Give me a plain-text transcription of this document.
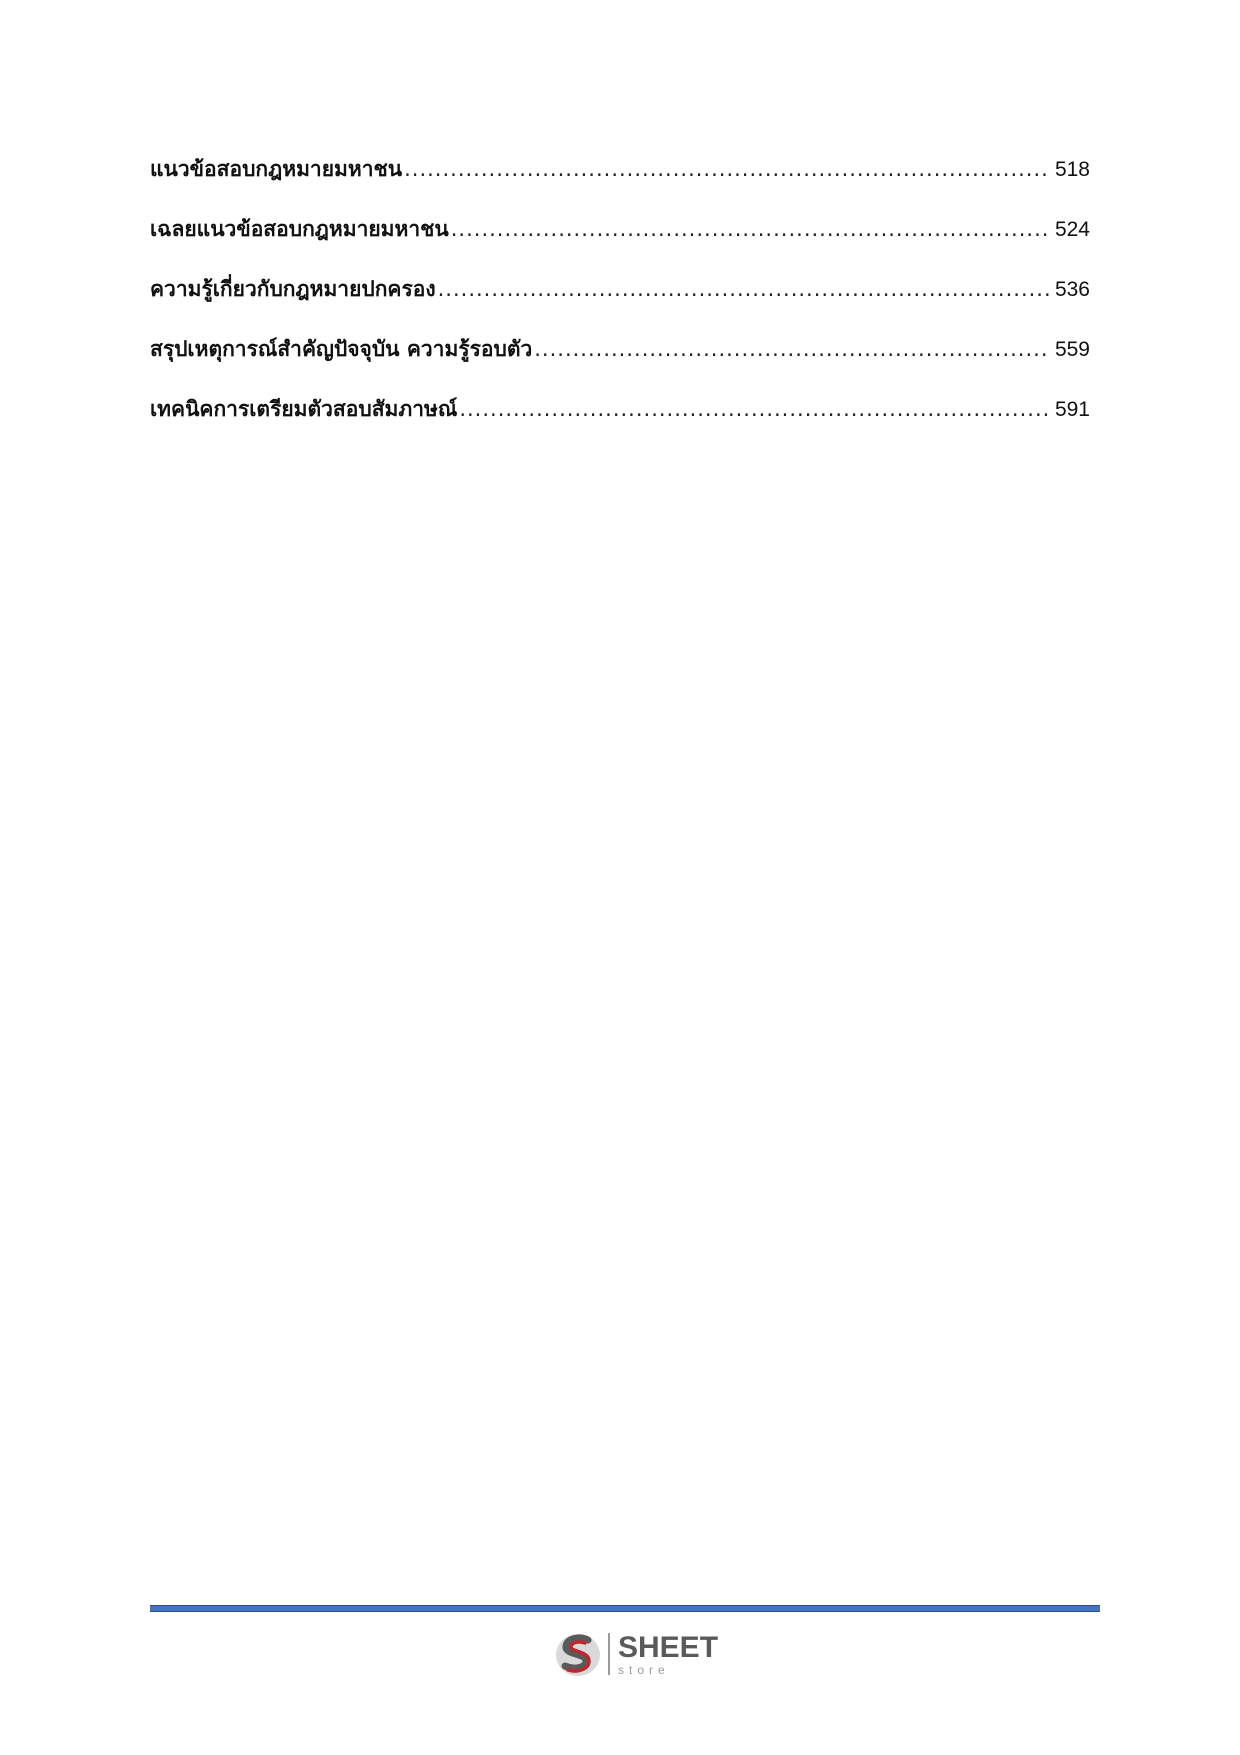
แนวข้อสอบกฎหมายมหาชน .....	518
เฉลยแนวข้อสอบกฎหมายมหาชน .....	524
ความรู้เกี่ยวกับกฎหมายปกครอง .....	536
สรุปเหตุการณ์สำคัญปัจจุบัน ความรู้รอบตัว .....	559
เทคนิคการเตรียมตัวสอบสัมภาษณ์ .....	591
SHEET
store
